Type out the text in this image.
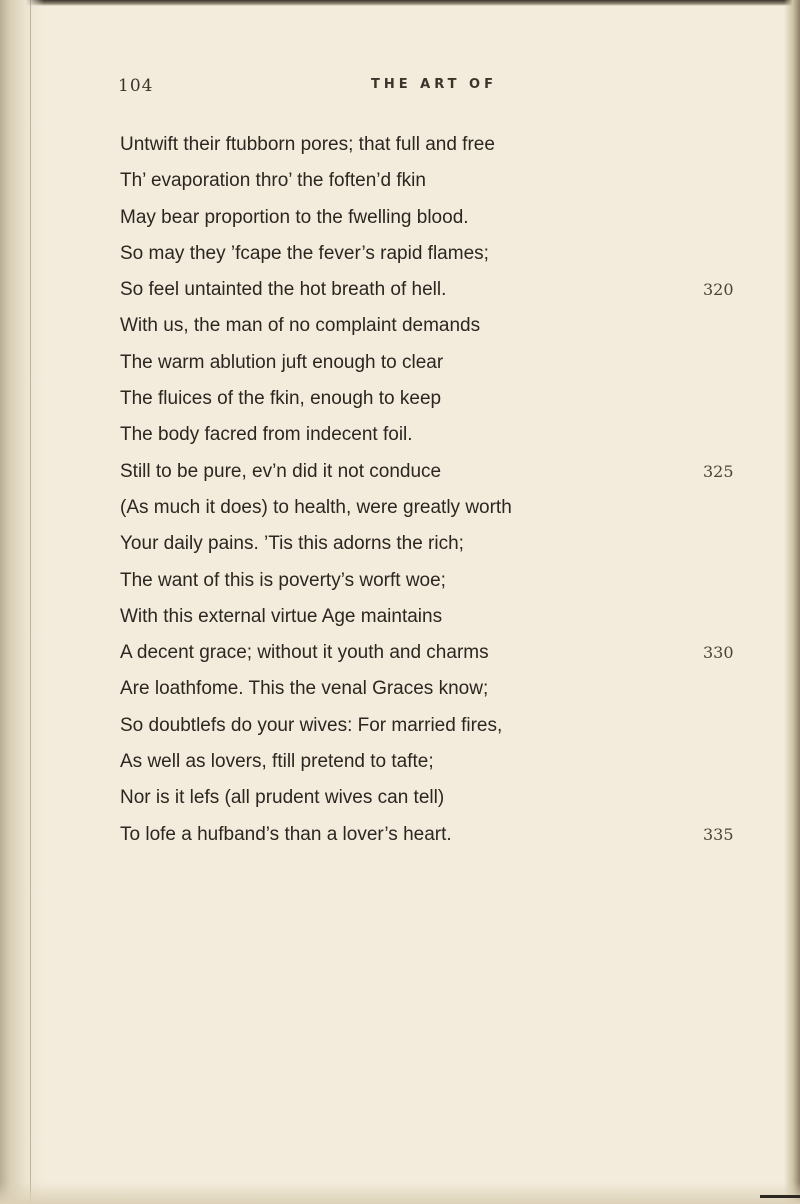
104	THE ART OF
Untwift their ftubborn pores; that full and free
Th’ evaporation thro’ the foften’d fkin
May bear proportion to the fwelling blood.
So may they ’fcape the fever’s rapid flames;
So feel untainted the hot breath of hell.	320
With us, the man of no complaint demands
The warm ablution juft enough to clear
The fluices of the fkin, enough to keep
The body facred from indecent foil.
Still to be pure, ev’n did it not conduce	325
(As much it does) to health, were greatly worth
Your daily pains. ’Tis this adorns the rich;
The want of this is poverty’s worft woe;
With this external virtue Age maintains
A decent grace; without it youth and charms	330
Are loathfome. This the venal Graces know;
So doubtlefs do your wives: For married fires,
As well as lovers, ftill pretend to tafte;
Nor is it lefs (all prudent wives can tell)
To lofe a hufband’s than a lover’s heart.	335
